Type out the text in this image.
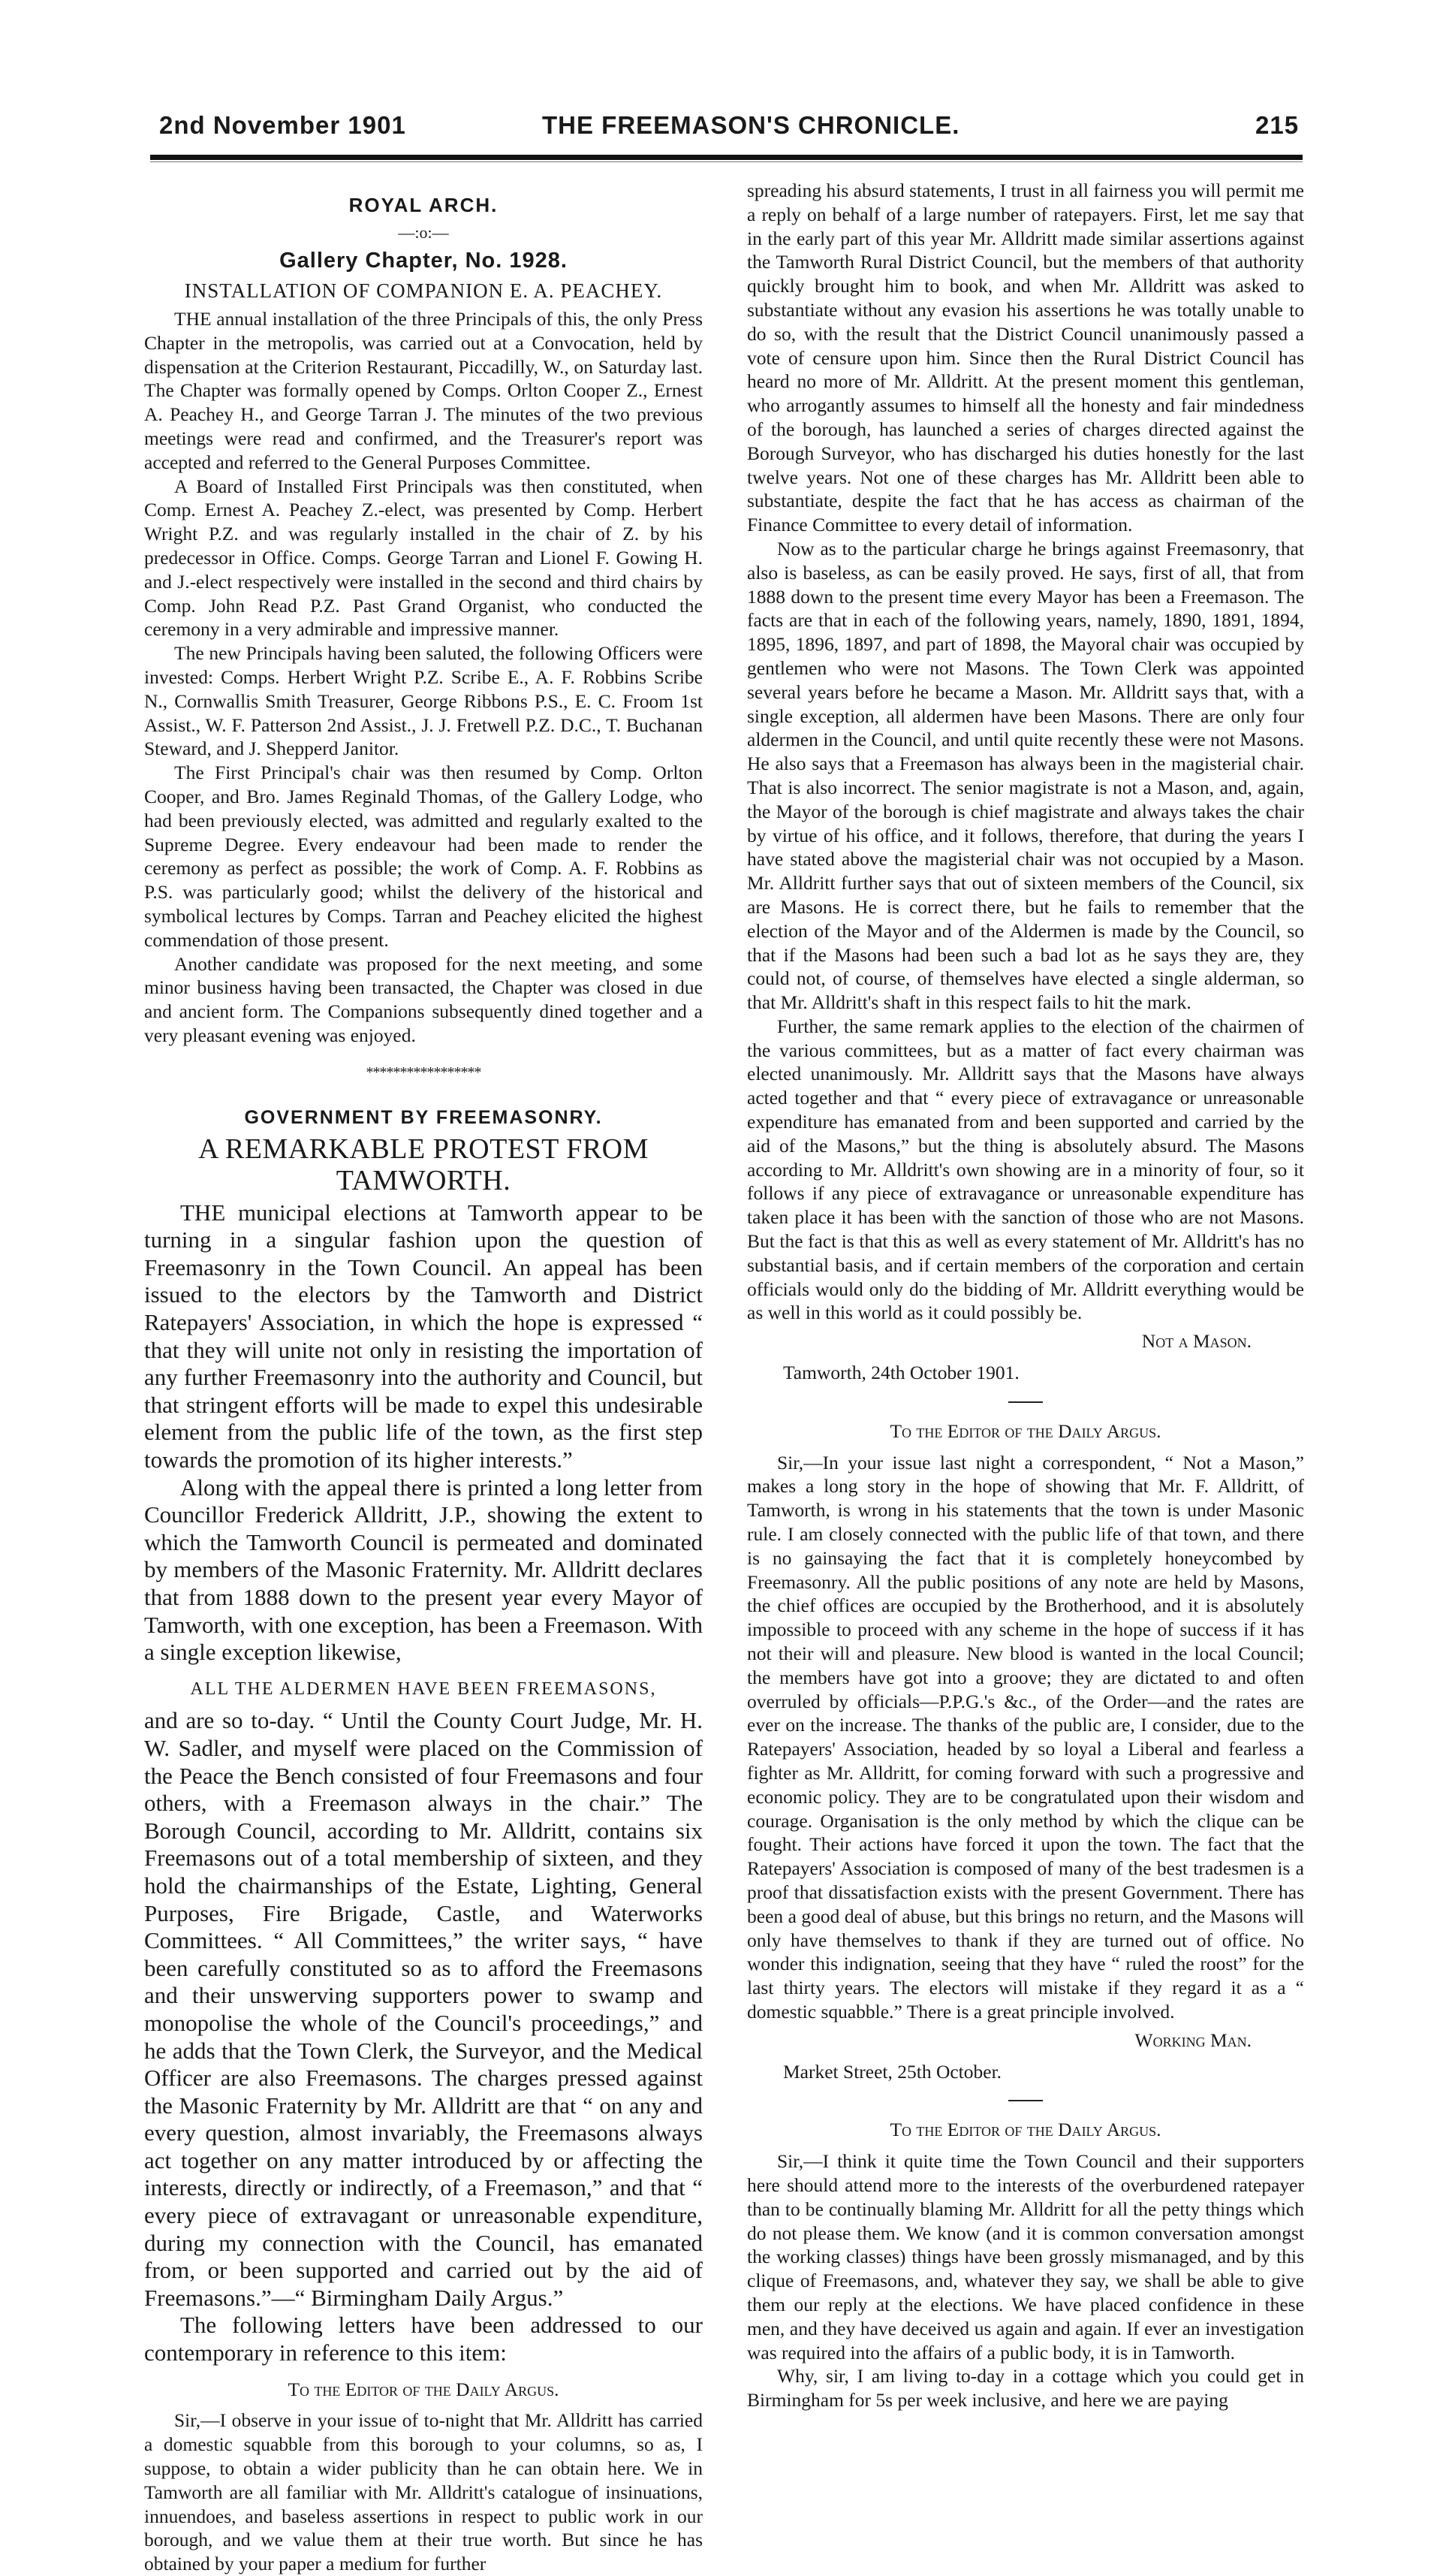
2nd November 1901	THE FREEMASON'S CHRONICLE.	215
ROYAL ARCH.
—:o:—
Gallery Chapter, No. 1928.
INSTALLATION OF COMPANION E. A. PEACHEY.

THE annual installation of the three Principals of this, the only Press Chapter in the metropolis, was carried out at a Convocation, held by dispensation at the Criterion Restaurant, Piccadilly, W., on Saturday last. The Chapter was formally opened by Comps. Orlton Cooper Z., Ernest A. Peachey H., and George Tarran J. The minutes of the two previous meetings were read and confirmed, and the Treasurer's report was accepted and referred to the General Purposes Committee.

A Board of Installed First Principals was then constituted, when Comp. Ernest A. Peachey Z.-elect, was presented by Comp. Herbert Wright P.Z. and was regularly installed in the chair of Z. by his predecessor in Office. Comps. George Tarran and Lionel F. Gowing H. and J.-elect respectively were installed in the second and third chairs by Comp. John Read P.Z. Past Grand Organist, who conducted the ceremony in a very admirable and impressive manner.

The new Principals having been saluted, the following Officers were invested: Comps. Herbert Wright P.Z. Scribe E., A. F. Robbins Scribe N., Cornwallis Smith Treasurer, George Ribbons P.S., E. C. Froom 1st Assist., W. F. Patterson 2nd Assist., J. J. Fretwell P.Z. D.C., T. Buchanan Steward, and J. Shepperd Janitor.

The First Principal's chair was then resumed by Comp. Orlton Cooper, and Bro. James Reginald Thomas, of the Gallery Lodge, who had been previously elected, was admitted and regularly exalted to the Supreme Degree. Every endeavour had been made to render the ceremony as perfect as possible; the work of Comp. A. F. Robbins as P.S. was particularly good; whilst the delivery of the historical and symbolical lectures by Comps. Tarran and Peachey elicited the highest commendation of those present.

Another candidate was proposed for the next meeting, and some minor business having been transacted, the Chapter was closed in due and ancient form. The Companions subsequently dined together and a very pleasant evening was enjoyed.

*****************
GOVERNMENT BY FREEMASONRY.
A REMARKABLE PROTEST FROM TAMWORTH.

THE municipal elections at Tamworth appear to be turning in a singular fashion upon the question of Freemasonry in the Town Council. An appeal has been issued to the electors by the Tamworth and District Ratepayers' Association, in which the hope is expressed “ that they will unite not only in resisting the importation of any further Freemasonry into the authority and Council, but that stringent efforts will be made to expel this undesirable element from the public life of the town, as the first step towards the promotion of its higher interests.”

Along with the appeal there is printed a long letter from Councillor Frederick Alldritt, J.P., showing the extent to which the Tamworth Council is permeated and dominated by members of the Masonic Fraternity. Mr. Alldritt declares that from 1888 down to the present year every Mayor of Tamworth, with one exception, has been a Freemason. With a single exception likewise,

ALL THE ALDERMEN HAVE BEEN FREEMASONS,

and are so to-day. “ Until the County Court Judge, Mr. H. W. Sadler, and myself were placed on the Commission of the Peace the Bench consisted of four Freemasons and four others, with a Freemason always in the chair.” The Borough Council, according to Mr. Alldritt, contains six Freemasons out of a total membership of sixteen, and they hold the chairmanships of the Estate, Lighting, General Purposes, Fire Brigade, Castle, and Waterworks Committees. “ All Committees,” the writer says, “ have been carefully constituted so as to afford the Freemasons and their unswerving supporters power to swamp and monopolise the whole of the Council's proceedings,” and he adds that the Town Clerk, the Surveyor, and the Medical Officer are also Freemasons. The charges pressed against the Masonic Fraternity by Mr. Alldritt are that “ on any and every question, almost invariably, the Freemasons always act together on any matter introduced by or affecting the interests, directly or indirectly, of a Freemason,” and that “ every piece of extravagant or unreasonable expenditure, during my connection with the Council, has emanated from, or been supported and carried out by the aid of Freemasons.”—“ Birmingham Daily Argus.”

The following letters have been addressed to our contemporary in reference to this item:

To the Editor of the Daily Argus.

Sir,—I observe in your issue of to-night that Mr. Alldritt has carried a domestic squabble from this borough to your columns, so as, I suppose, to obtain a wider publicity than he can obtain here. We in Tamworth are all familiar with Mr. Alldritt's catalogue of insinuations, innuendoes, and baseless assertions in respect to public work in our borough, and we value them at their true worth. But since he has obtained by your paper a medium for further

spreading his absurd statements, I trust in all fairness you will permit me a reply on behalf of a large number of ratepayers. First, let me say that in the early part of this year Mr. Alldritt made similar assertions against the Tamworth Rural District Council, but the members of that authority quickly brought him to book, and when Mr. Alldritt was asked to substantiate without any evasion his assertions he was totally unable to do so, with the result that the District Council unanimously passed a vote of censure upon him. Since then the Rural District Council has heard no more of Mr. Alldritt. At the present moment this gentleman, who arrogantly assumes to himself all the honesty and fair mindedness of the borough, has launched a series of charges directed against the Borough Surveyor, who has discharged his duties honestly for the last twelve years. Not one of these charges has Mr. Alldritt been able to substantiate, despite the fact that he has access as chairman of the Finance Committee to every detail of information.

Now as to the particular charge he brings against Freemasonry, that also is baseless, as can be easily proved. He says, first of all, that from 1888 down to the present time every Mayor has been a Freemason. The facts are that in each of the following years, namely, 1890, 1891, 1894, 1895, 1896, 1897, and part of 1898, the Mayoral chair was occupied by gentlemen who were not Masons. The Town Clerk was appointed several years before he became a Mason. Mr. Alldritt says that, with a single exception, all aldermen have been Masons. There are only four aldermen in the Council, and until quite recently these were not Masons. He also says that a Freemason has always been in the magisterial chair. That is also incorrect. The senior magistrate is not a Mason, and, again, the Mayor of the borough is chief magistrate and always takes the chair by virtue of his office, and it follows, therefore, that during the years I have stated above the magisterial chair was not occupied by a Mason. Mr. Alldritt further says that out of sixteen members of the Council, six are Masons. He is correct there, but he fails to remember that the election of the Mayor and of the Aldermen is made by the Council, so that if the Masons had been such a bad lot as he says they are, they could not, of course, of themselves have elected a single alderman, so that Mr. Alldritt's shaft in this respect fails to hit the mark.

Further, the same remark applies to the election of the chairmen of the various committees, but as a matter of fact every chairman was elected unanimously. Mr. Alldritt says that the Masons have always acted together and that “ every piece of extravagance or unreasonable expenditure has emanated from and been supported and carried by the aid of the Masons,” but the thing is absolutely absurd. The Masons according to Mr. Alldritt's own showing are in a minority of four, so it follows if any piece of extravagance or unreasonable expenditure has taken place it has been with the sanction of those who are not Masons. But the fact is that this as well as every statement of Mr. Alldritt's has no substantial basis, and if certain members of the corporation and certain officials would only do the bidding of Mr. Alldritt everything would be as well in this world as it could possibly be.

Not a Mason.
Tamworth, 24th October 1901.
To the Editor of the Daily Argus.

Sir,—In your issue last night a correspondent, “ Not a Mason,” makes a long story in the hope of showing that Mr. F. Alldritt, of Tamworth, is wrong in his statements that the town is under Masonic rule. I am closely connected with the public life of that town, and there is no gainsaying the fact that it is completely honeycombed by Freemasonry. All the public positions of any note are held by Masons, the chief offices are occupied by the Brotherhood, and it is absolutely impossible to proceed with any scheme in the hope of success if it has not their will and pleasure. New blood is wanted in the local Council; the members have got into a groove; they are dictated to and often overruled by officials—P.P.G.'s &c., of the Order—and the rates are ever on the increase. The thanks of the public are, I consider, due to the Ratepayers' Association, headed by so loyal a Liberal and fearless a fighter as Mr. Alldritt, for coming forward with such a progressive and economic policy. They are to be congratulated upon their wisdom and courage. Organisation is the only method by which the clique can be fought. Their actions have forced it upon the town. The fact that the Ratepayers' Association is composed of many of the best tradesmen is a proof that dissatisfaction exists with the present Government. There has been a good deal of abuse, but this brings no return, and the Masons will only have themselves to thank if they are turned out of office. No wonder this indignation, seeing that they have “ ruled the roost” for the last thirty years. The electors will mistake if they regard it as a “ domestic squabble.” There is a great principle involved.

Working Man.
Market Street, 25th October.
To the Editor of the Daily Argus.

Sir,—I think it quite time the Town Council and their supporters here should attend more to the interests of the overburdened ratepayer than to be continually blaming Mr. Alldritt for all the petty things which do not please them. We know (and it is common conversation amongst the working classes) things have been grossly mismanaged, and by this clique of Freemasons, and, whatever they say, we shall be able to give them our reply at the elections. We have placed confidence in these men, and they have deceived us again and again. If ever an investigation was required into the affairs of a public body, it is in Tamworth.

Why, sir, I am living to-day in a cottage which you could get in Birmingham for 5s per week inclusive, and here we are paying
